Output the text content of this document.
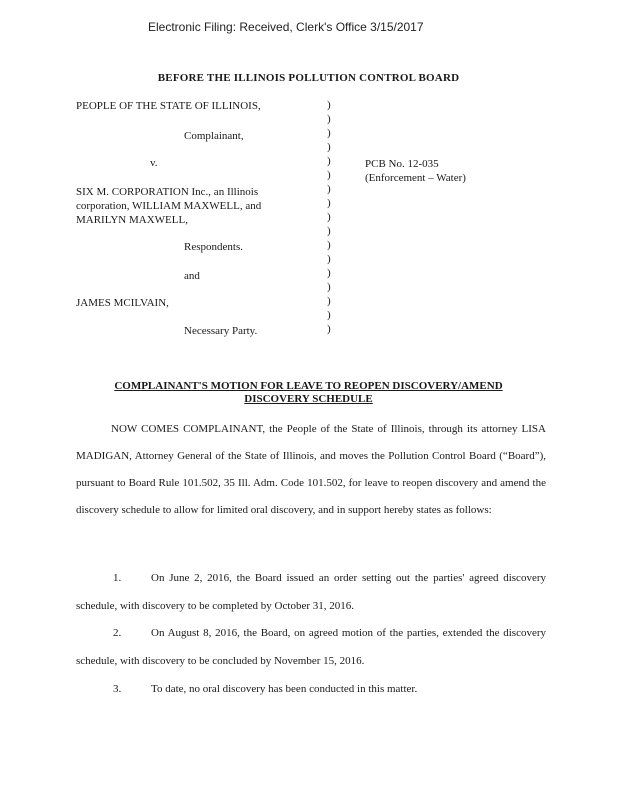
Electronic Filing: Received, Clerk's Office 3/15/2017

BEFORE THE ILLINOIS POLLUTION CONTROL BOARD

PEOPLE OF THE STATE OF ILLINOIS,

Complainant,

v.

SIX M. CORPORATION Inc., an Illinois

corporation, WILLIAM MAXWELL, and

MARILYN MAXWELL,

Respondents.

and

JAMES MCILVAIN,

Necessary Party.

)
)
)
)
)
)
)
)
)
)
)
)
)
)
)
)
)

PCB No. 12-035

(Enforcement – Water)

COMPLAINANT'S MOTION FOR LEAVE TO REOPEN DISCOVERY/AMEND
DISCOVERY SCHEDULE

NOW COMES COMPLAINANT, the People of the State of Illinois, through its attorney LISA MADIGAN, Attorney General of the State of Illinois, and moves the Pollution Control Board (“Board”), pursuant to Board Rule 101.502, 35 Ill. Adm. Code 101.502, for leave to reopen discovery and amend the discovery schedule to allow for limited oral discovery, and in support hereby states as follows:

1.	On June 2, 2016, the Board issued an order setting out the parties' agreed discovery schedule, with discovery to be completed by October 31, 2016.

2.	On August 8, 2016, the Board, on agreed motion of the parties, extended the discovery schedule, with discovery to be concluded by November 15, 2016.

3.	To date, no oral discovery has been conducted in this matter.
